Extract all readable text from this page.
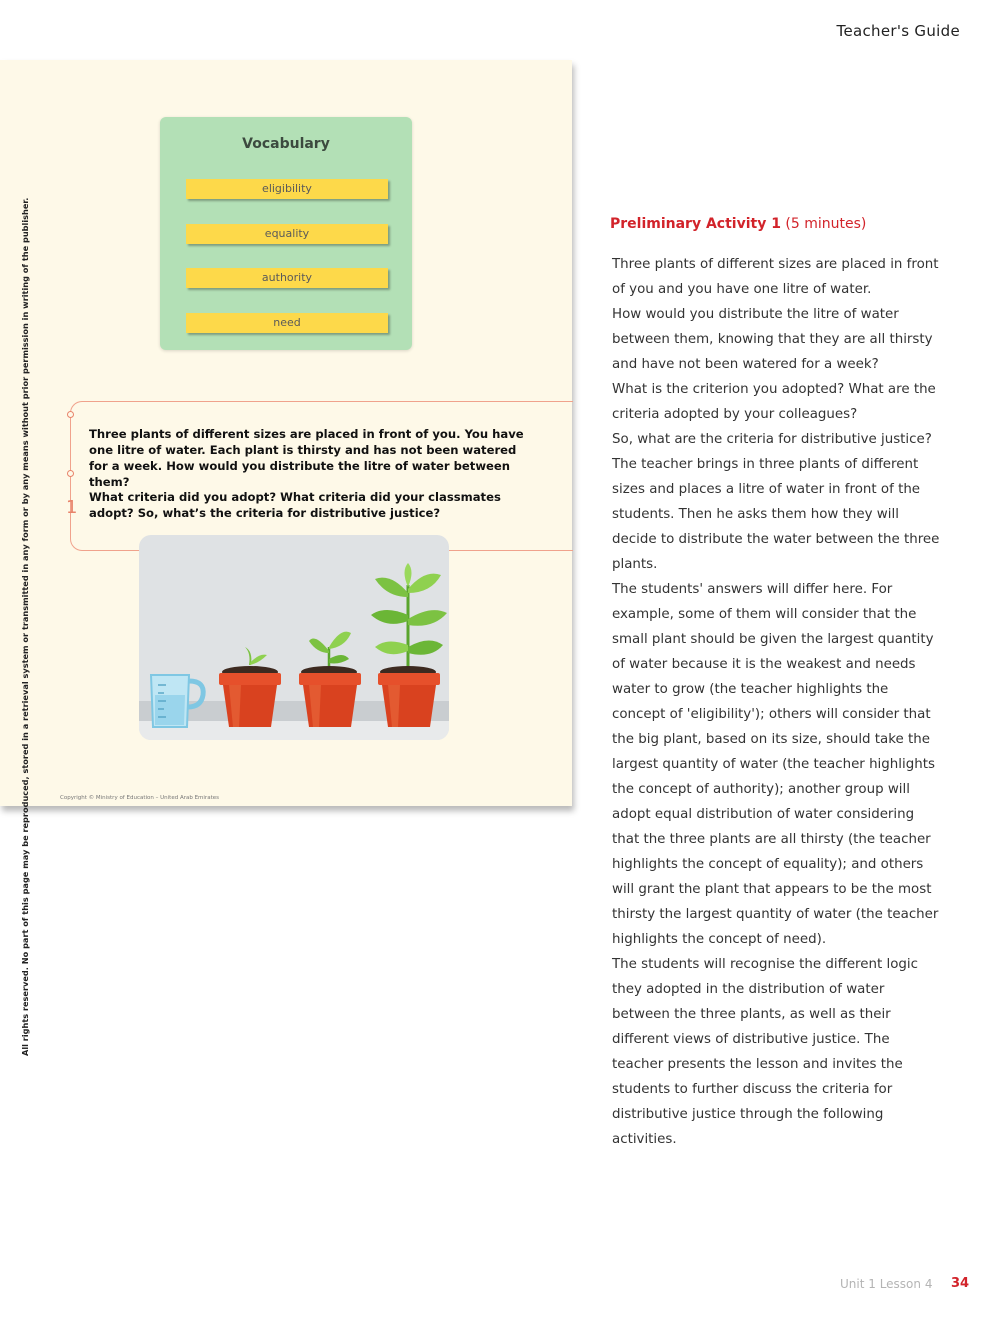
Teacher's Guide
Vocabulary
eligibility
equality
authority
need
1
Three plants of different sizes are placed in front of you. You have one litre of water. Each plant is thirsty and has not been watered for a week. How would you distribute the litre of water between them?
What criteria did you adopt? What criteria did your classmates adopt? So, what’s the criteria for distributive justice?
Copyright © Ministry of Education – United Arab Emirates
All rights reserved. No part of this page may be reproduced, stored in a retrieval system or transmitted in any form or by any means without prior permission in writing of the publisher.	Preliminary Activity 1 (5 minutes)

Three plants of different sizes are placed in front of you and you have one litre of water.

How would you distribute the litre of water between them, knowing that they are all thirsty and have not been watered for a week?

What is the criterion you adopted? What are the criteria adopted by your colleagues?

So, what are the criteria for distributive justice?

The teacher brings in three plants of different sizes and places a litre of water in front of the students. Then he asks them how they will decide to distribute the water between the three plants.

The students' answers will differ here. For example, some of them will consider that the small plant should be given the largest quantity of water because it is the weakest and needs water to grow (the teacher highlights the concept of 'eligibility'); others will consider that the big plant, based on its size, should take the largest quantity of water (the teacher highlights the concept of authority); another group will adopt equal distribution of water considering that the three plants are all thirsty (the teacher highlights the concept of equality); and others will grant the plant that appears to be the most thirsty the largest quantity of water (the teacher highlights the concept of need).

The students will recognise the different logic they adopted in the distribution of water between the three plants, as well as their different views of distributive justice. The teacher presents the lesson and invites the students to further discuss the criteria for distributive justice through the following activities.

Unit 1 Lesson 4 34
